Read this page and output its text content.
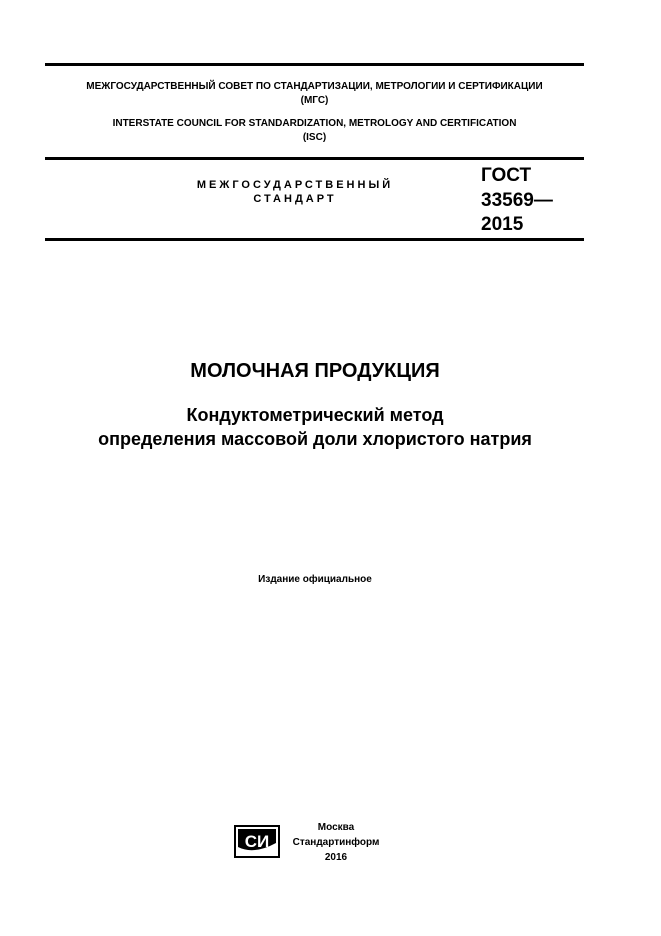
МЕЖГОСУДАРСТВЕННЫЙ СОВЕТ ПО СТАНДАРТИЗАЦИИ, МЕТРОЛОГИИ И СЕРТИФИКАЦИИ
(МГС)
INTERSTATE COUNCIL FOR STANDARDIZATION, METROLOGY AND CERTIFICATION
(ISC)
МЕЖГОСУДАРСТВЕННЫЙ
СТАНДАРТ
ГОСТ
33569—
2015
МОЛОЧНАЯ ПРОДУКЦИЯ
Кондуктометрический метод
определения массовой доли хлористого натрия
Издание официальное
СИ
Москва
Стандартинформ
2016
